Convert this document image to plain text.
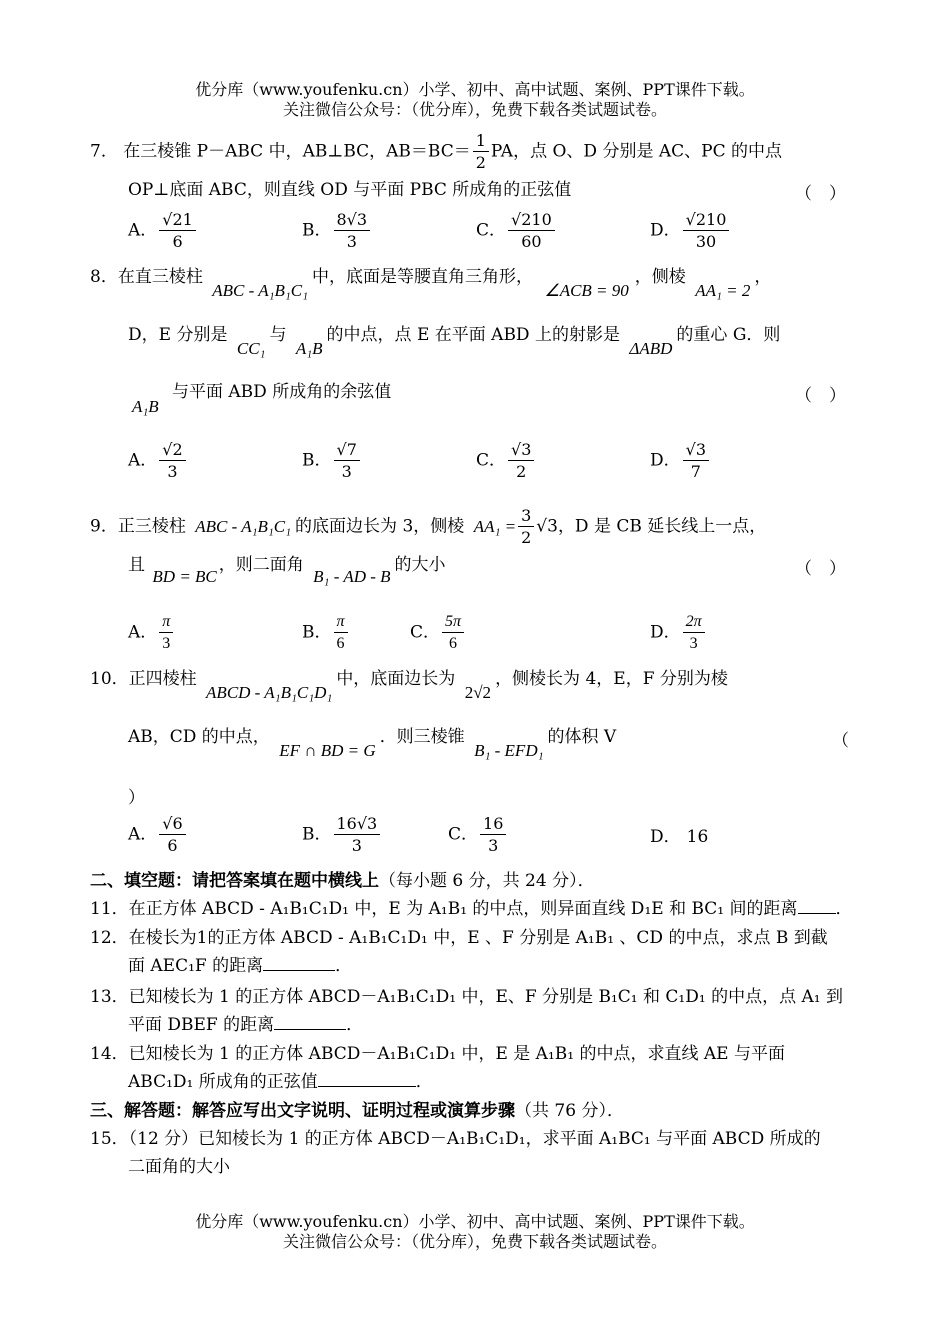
优分库（www.youfenku.cn）小学、初中、高中试题、案例、PPT课件下载。
关注微信公众号：（优分库），免费下载各类试题试卷。
7． 在三棱锥 P－ABC 中，AB⊥BC，$AB=BC= \frac{1}{2}$ PA，点 O、D 分别是 AC、PC 的中点
OP⊥底面 ABC，则直线 OD 与平面 PBC 所成角的正弦值	（　）
A． $\frac{√21}{6}$	B． $\frac{8√3}{3}$	C． $\frac{√210}{60}$	D． $\frac{√210}{30}$
8．在直三棱柱 ABC - A₁B₁C₁中，底面是等腰直角三角形， ∠ACB = 90，侧棱 AA₁ = 2，
D，E 分别是 CC₁与 A₁B的中点，点 E 在平面 ABD 上的射影是 ΔABD的重心 G．则
A₁B
与平面 ABD 所成角的余弦值	（　）
A． $\frac{√2}{3}$	B． $\frac{√7}{3}$	C． $\frac{√3}{2}$	D． $\frac{√3}{7}$
9．正三棱柱 ABC - A₁B₁C₁ 的底面边长为 3，侧棱 $AA_1 = \frac{3}{2} √3$，D 是 CB 延长线上一点，
且 BD = BC，则二面角 B₁ - AD - B的大小	（　）
A． $\frac{\pi}{3}$	B． $\frac{\pi}{6}$	C． $\frac{5\pi}{6}$	D． $\frac{2\pi}{3}$
10．正四棱柱 ABCD - A₁B₁C₁D₁中，底面边长为 2√2，侧棱长为 4，E，F 分别为棱
AB，CD 的中点， EF ∩ BD = G．则三棱锥 B₁ - EFD₁的体积 V	（
）
A． $\frac{√6}{6}$	B． $\frac{16√3}{3}$	C． $\frac{16}{3}$	D． 16
二、填空题：请把答案填在题中横线上（每小题 6 分，共 24 分）．
11．在正方体 ABCD - A₁B₁C₁D₁ 中，E 为 A₁B₁ 的中点，则异面直线 D₁E 和 BC₁ 间的距离 ．
12．在棱长为1的正方体 ABCD - A₁B₁C₁D₁ 中，E 、F 分别是 A₁B₁ 、CD 的中点，求点 B 到截
面 AEC₁F 的距离	．
13．已知棱长为 1 的正方体 ABCD－A₁B₁C₁D₁ 中，E、F 分别是 B₁C₁ 和 C₁D₁ 的中点，点 A₁ 到
平面 DBEF 的距离	．
14．已知棱长为 1 的正方体 ABCD－A₁B₁C₁D₁ 中，E 是 A₁B₁ 的中点，求直线 AE 与平面
ABC₁D₁ 所成角的正弦值	．
三、解答题：解答应写出文字说明、证明过程或演算步骤（共 76 分）．
15．（12 分）已知棱长为 1 的正方体 ABCD－A₁B₁C₁D₁，求平面 A₁BC₁ 与平面 ABCD 所成的
二面角的大小
优分库（www.youfenku.cn）小学、初中、高中试题、案例、PPT课件下载。
关注微信公众号：（优分库），免费下载各类试题试卷。
